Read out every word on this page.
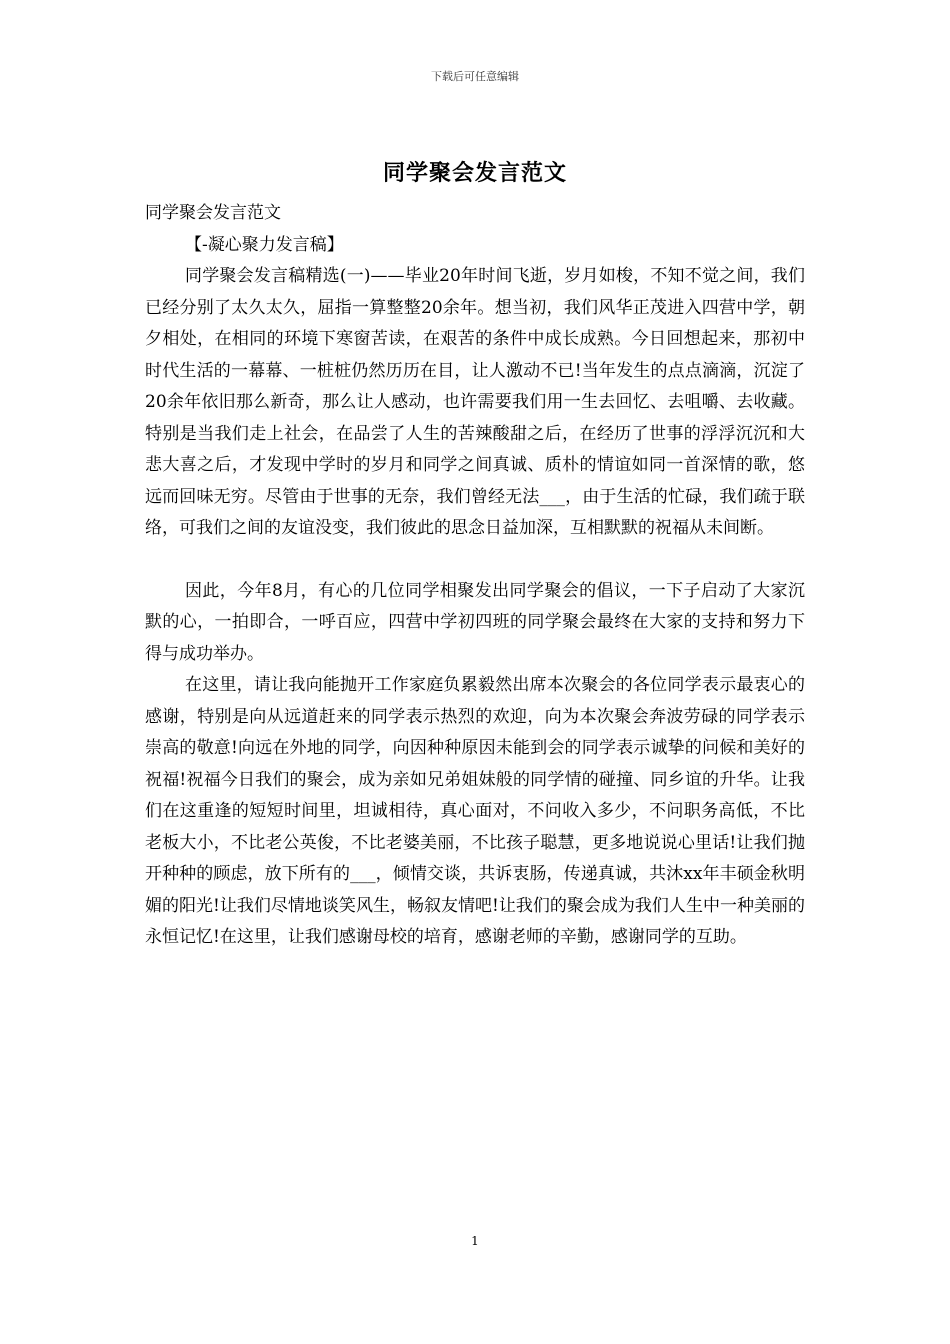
下载后可任意编辑
同学聚会发言范文

同学聚会发言范文

【-凝心聚力发言稿】

同学聚会发言稿精选(一)——毕业20年时间飞逝，岁月如梭，不知不觉之间，我们已经分别了太久太久，屈指一算整整20余年。想当初，我们风华正茂进入四营中学，朝夕相处，在相同的环境下寒窗苦读，在艰苦的条件中成长成熟。今日回想起来，那初中时代生活的一幕幕、一桩桩仍然历历在目，让人激动不已!当年发生的点点滴滴，沉淀了20余年依旧那么新奇，那么让人感动，也许需要我们用一生去回忆、去咀嚼、去收藏。特别是当我们走上社会，在品尝了人生的苦辣酸甜之后，在经历了世事的浮浮沉沉和大悲大喜之后，才发现中学时的岁月和同学之间真诚、质朴的情谊如同一首深情的歌，悠远而回味无穷。尽管由于世事的无奈，我们曾经无法___，由于生活的忙碌，我们疏于联络，可我们之间的友谊没变，我们彼此的思念日益加深，互相默默的祝福从未间断。

因此，今年8月，有心的几位同学相聚发出同学聚会的倡议，一下子启动了大家沉默的心，一拍即合，一呼百应，四营中学初四班的同学聚会最终在大家的支持和努力下得与成功举办。

在这里，请让我向能抛开工作家庭负累毅然出席本次聚会的各位同学表示最衷心的感谢，特别是向从远道赶来的同学表示热烈的欢迎，向为本次聚会奔波劳碌的同学表示崇高的敬意!向远在外地的同学，向因种种原因未能到会的同学表示诚挚的问候和美好的祝福!祝福今日我们的聚会，成为亲如兄弟姐妹般的同学情的碰撞、同乡谊的升华。让我们在这重逢的短短时间里，坦诚相待，真心面对，不问收入多少，不问职务高低，不比老板大小，不比老公英俊，不比老婆美丽，不比孩子聪慧，更多地说说心里话!让我们抛开种种的顾虑，放下所有的___，倾情交谈，共诉衷肠，传递真诚，共沐xx年丰硕金秋明媚的阳光!让我们尽情地谈笑风生，畅叙友情吧!让我们的聚会成为我们人生中一种美丽的永恒记忆!在这里，让我们感谢母校的培育，感谢老师的辛勤，感谢同学的互助。

1
